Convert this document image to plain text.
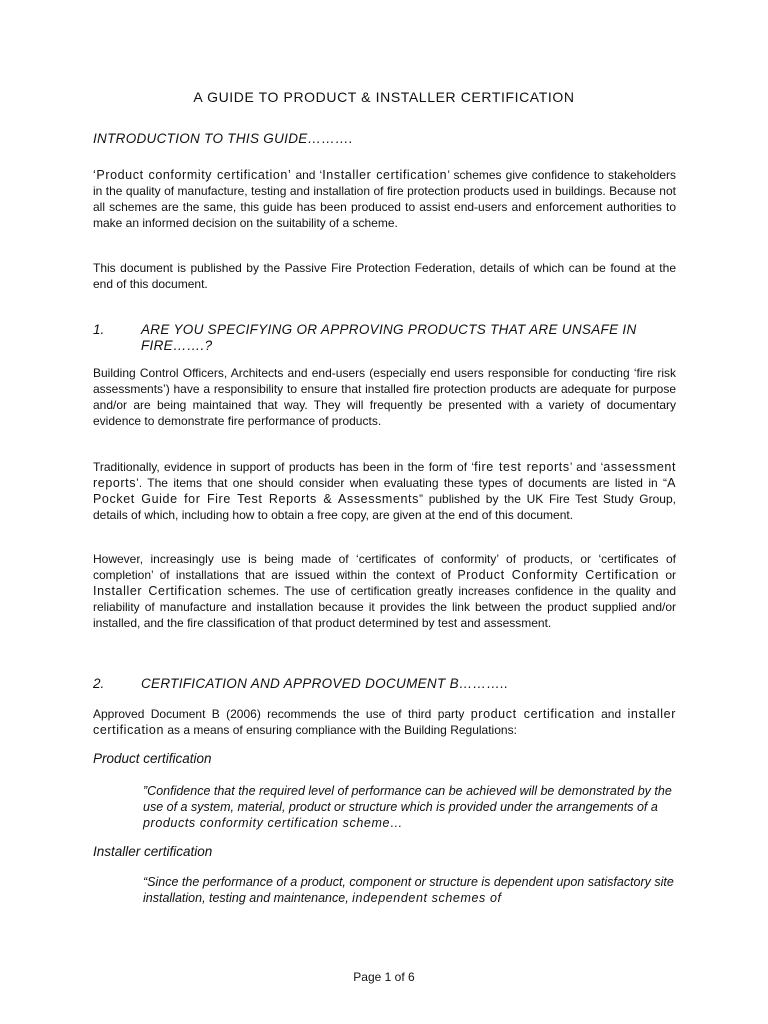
A GUIDE TO PRODUCT & INSTALLER CERTIFICATION
INTRODUCTION TO THIS GUIDE……….
‘Product conformity certification’ and ‘Installer certification’ schemes give confidence to stakeholders in the quality of manufacture, testing and installation of fire protection products used in buildings. Because not all schemes are the same, this guide has been produced to assist end-users and enforcement authorities to make an informed decision on the suitability of a scheme.
This document is published by the Passive Fire Protection Federation, details of which can be found at the end of this document.
1.	ARE YOU SPECIFYING OR APPROVING PRODUCTS THAT ARE UNSAFE IN FIRE…….?
Building Control Officers, Architects and end-users (especially end users responsible for conducting ‘fire risk assessments’) have a responsibility to ensure that installed fire protection products are adequate for purpose and/or are being maintained that way. They will frequently be presented with a variety of documentary evidence to demonstrate fire performance of products.
Traditionally, evidence in support of products has been in the form of ‘fire test reports’ and ‘assessment reports’. The items that one should consider when evaluating these types of documents are listed in “A Pocket Guide for Fire Test Reports & Assessments” published by the UK Fire Test Study Group, details of which, including how to obtain a free copy, are given at the end of this document.
However, increasingly use is being made of ‘certificates of conformity’ of products, or ‘certificates of completion’ of installations that are issued within the context of Product Conformity Certification or Installer Certification schemes. The use of certification greatly increases confidence in the quality and reliability of manufacture and installation because it provides the link between the product supplied and/or installed, and the fire classification of that product determined by test and assessment.
2.	CERTIFICATION AND APPROVED DOCUMENT B………..
Approved Document B (2006) recommends the use of third party product certification and installer certification as a means of ensuring compliance with the Building Regulations:
Product certification
”Confidence that the required level of performance can be achieved will be demonstrated by the use of a system, material, product or structure which is provided under the arrangements of a products conformity certification scheme…
Installer certification
“Since the performance of a product, component or structure is dependent upon satisfactory site installation, testing and maintenance, independent schemes of
Page 1 of 6
